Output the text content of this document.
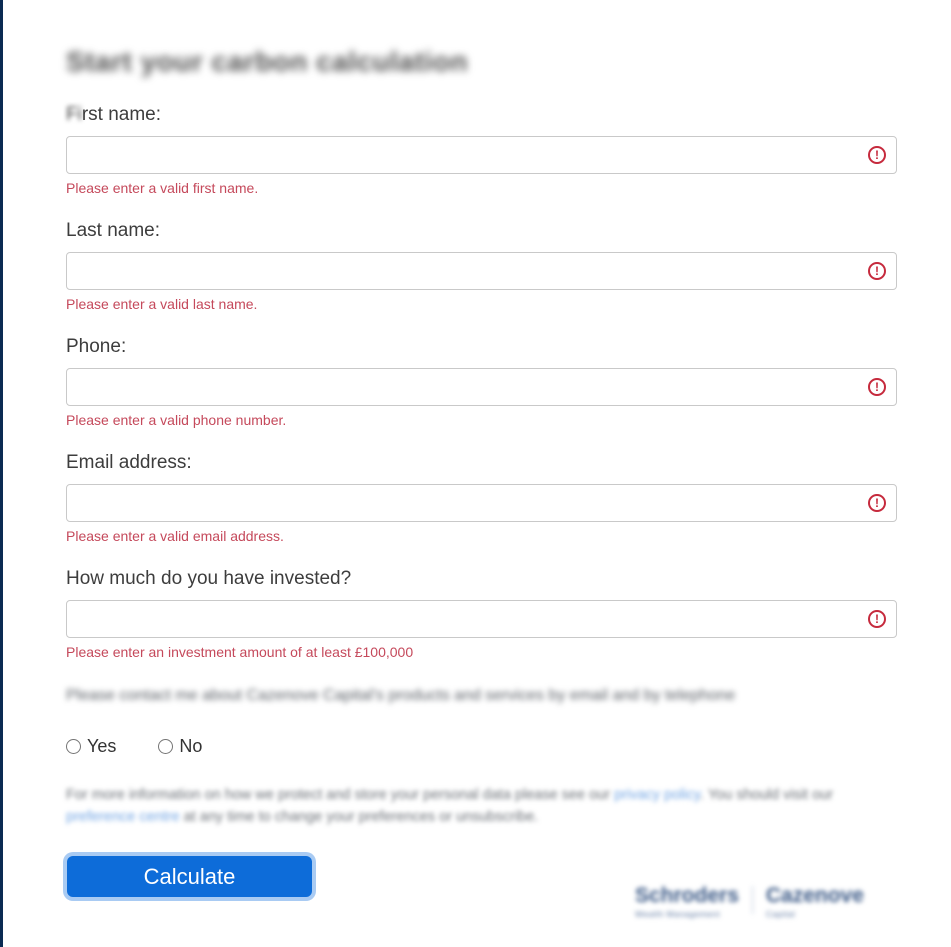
Start your carbon calculation
First name:
!
Please enter a valid first name.
Last name:
!
Please enter a valid last name.
Phone:
!
Please enter a valid phone number.
Email address:
!
Please enter a valid email address.
How much do you have invested?
!
Please enter an investment amount of at least £100,000

Please contact me about Cazenove Capital's products and services by email and by telephone

Yes	No

For more information on how we protect and store your personal data please see our privacy policy. You should visit our preference centre at any time to change your preferences or unsubscribe.

Calculate
Schroders
Wealth Management
Cazenove
Capital
